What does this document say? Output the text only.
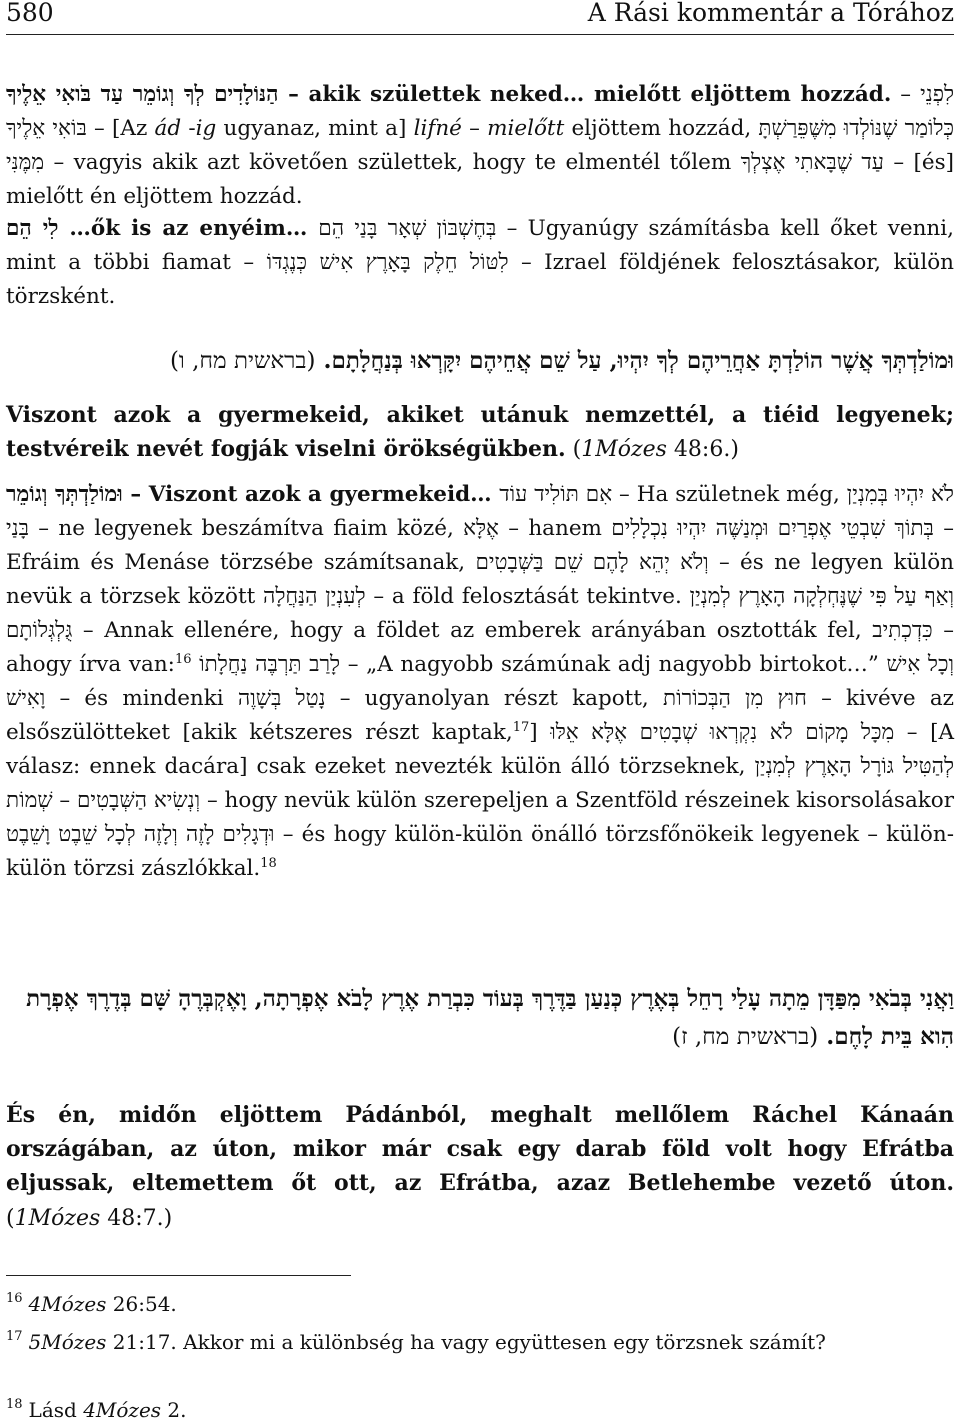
580	A Rási kommentár a Tórához
הַנּוֹלָדִים לְךָ וְגוֹמֵר עַד בֹּואִי אֵלֶיךָ – akik születtek neked… mielőtt eljöttem hozzád. – לִפְנֵי בּוֹאִי אֵלֶיךָ – [Az ád -ig ugyanaz, mint a] lifné – mielőtt eljöttem hozzád, כְּלוֹמַר שֶׁנּוֹלְדוּ מִשֶּׁפֵּרַשְׁתָּ מִמֶּנִּי – vagyis akik azt követően születtek, hogy te elmentél tőlem עַד שֶׁבָּאתִי אֶצְלְךָ – [és] mielőtt én eljöttem hozzád.
לִי הֵם …ők is az enyéim… בְּחֶשְׁבּוֹן שְׁאָר בָּנַי הֵם – Ugyanúgy számításba kell őket venni, mint a többi fiamat – לִטּוֹל חֵלֶק בָּאָרֶץ אִישׁ כְּנֶגְדּוֹ – Izrael földjének felosztásakor, külön törzsként.
וּמוֹלַדְתְּךָ אֲשֶׁר הוֹלַדְתָּ אַחֲרֵיהֶם לְךָ יִהְיוּ, עַל שֵׁם אֲחֵיהֶם יִקָּרְאוּ בְּנַחֲלָתָם. (בראשית מח, ו)
Viszont azok a gyermekeid, akiket utánuk nemzettél, a tiéid legyenek; testvéreik nevét fogják viselni örökségükben. (1Mózes 48:6.)
וּמוֹלַדְתְּךָ וְגוֹמֵר – Viszont azok a gyermekeid… אִם תּוֹלִיד עוֹד – Ha születnek még, לֹא יִהְיוּ בְּמִנְיַן בָּנַי – ne legyenek beszámítva fiaim közé, אֶלָּא – hanem בְּתוֹךְ שִׁבְטֵי אֶפְרַיִם וּמְנַשֶּׁה יִהְיוּ נִכְלָלִים – Efráim és Menáse törzsébe számítsanak, וְלֹא יְהֵא לָהֶם שֵׁם בַּשְּׁבָטִים – és ne legyen külön nevük a törzsek között לְעִנְיַן הַנַּחֲלָה – a föld felosztását tekintve. וְאַף עַל פִּי שֶׁנֶּחְלְקָה הָאָרֶץ לְמִנְיַן גֻּלְגְּלוֹתָם – Annak ellenére, hogy a földet az emberek arányában osztották fel, כִּדְכְתִיב – ahogy írva van:$^{16}$ לָרַב תַּרְבֶּה נַחֲלָתוֹ – „A nagyobb számúnak adj nagyobb birtokot…” וְכָל אִישׁ וָאִישׁ – és mindenki נָטַל בְּשָׁוֶה – ugyanolyan részt kapott, חוּץ מִן הַבְּכוֹרוֹת – kivéve az elsőszülötteket [akik kétszeres részt kaptak,$^{17}$] מִכָּל מָקוֹם לֹא נִקְרְאוּ שְׁבָטִים אֶלָּא אֵלּוּ – [A válasz: ennek dacára] csak ezeket nevezték külön álló törzseknek, לְהַטִּיל גּוֹרָל הָאָרֶץ לְמִנְיַן שְׁמוֹת – וְנְשִׂיא הַשְּׁבָטִים – hogy nevük külön szerepeljen a Szentföld részeinek kisorsolásakor וּדְגָלִים לָזֶה וְלָזֶה לְכָל שֵׁבֶט וָשֵׁבֶט – és hogy külön-külön önálló törzsfőnökeik legyenek – külön-külön törzsi zászlókkal.$^{18}$
וַאֲנִי בְּבֹאִי מִפַּדָּן מֵתָה עָלַי רָחֵל בְּאֶרֶץ כְּנַעַן בַּדֶּרֶךְ בְּעוֹד כִּבְרַת אֶרֶץ לָבֹא אֶפְרָתָה, וָאֶקְבְּרֶהָ שָּׁם בְּדֶרֶךְ אֶפְרָת הִוא בֵּית לָחֶם. (בראשית מח, ז)
És én, midőn eljöttem Pádánból, meghalt mellőlem Ráchel Kánaán országában, az úton, mikor már csak egy darab föld volt hogy Efrátba eljussak, eltemettem őt ott, az Efrátba, azaz Betlehembe vezető úton. (1Mózes 48:7.)
$^{16}$ 4Mózes 26:54.
$^{17}$ 5Mózes 21:17. Akkor mi a különbség ha vagy együttesen egy törzsnek számít?
$^{18}$ Lásd 4Mózes 2.
